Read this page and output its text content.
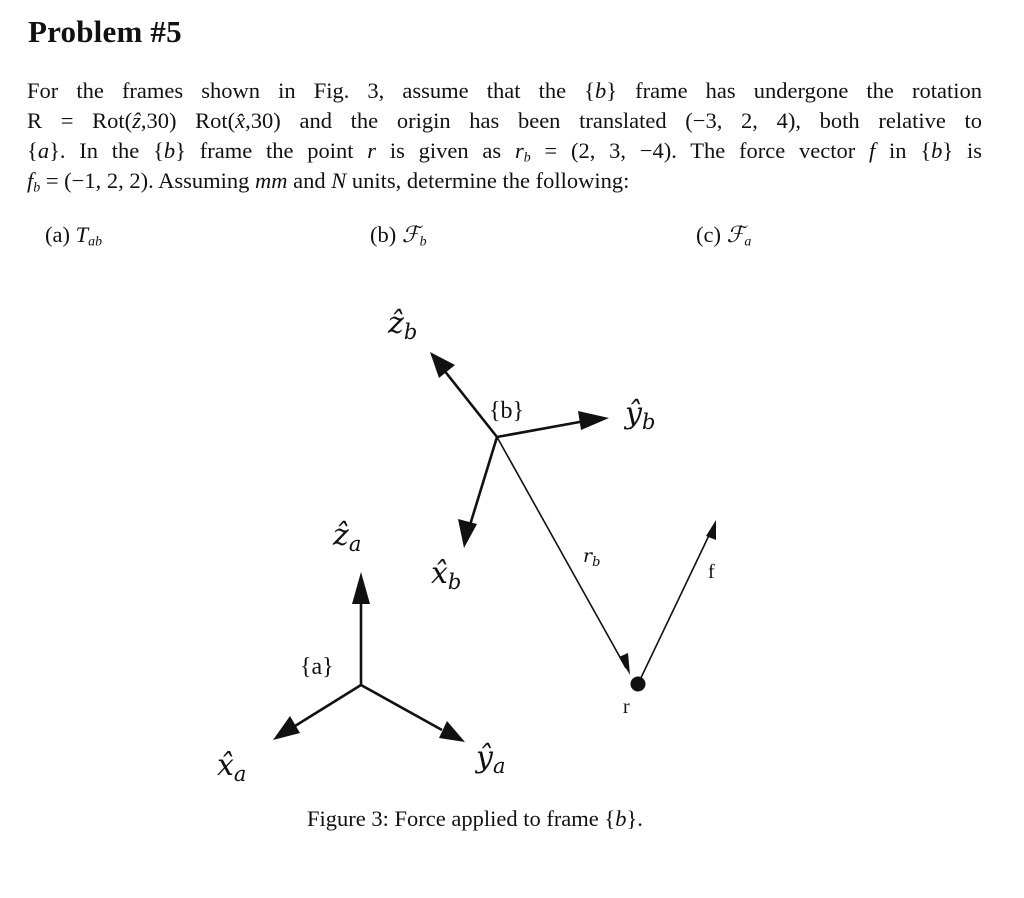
Problem #5
For the frames shown in Fig. 3, assume that the {b} frame has undergone the rotation
R = Rot(ẑ,30) Rot(x̂,30) and the origin has been translated (−3, 2, 4), both relative to
{a}. In the {b} frame the point r is given as $r_b = (2$, 3, −4). The force vector f in {b} is
$f_b = (-1$, 2, 2). Assuming mm and N units, determine the following:
(a) $T_{ab}$	(b) ℱ$_b$	(c) ℱ$_a$
{b}
{a}
ẑ$_b$
$ŷ_b$
$x̂_b$
ẑ$_a$
$ŷ_a$
$x̂_a$
$r_b$
r
f
Figure 3: Force applied to frame {b}.
